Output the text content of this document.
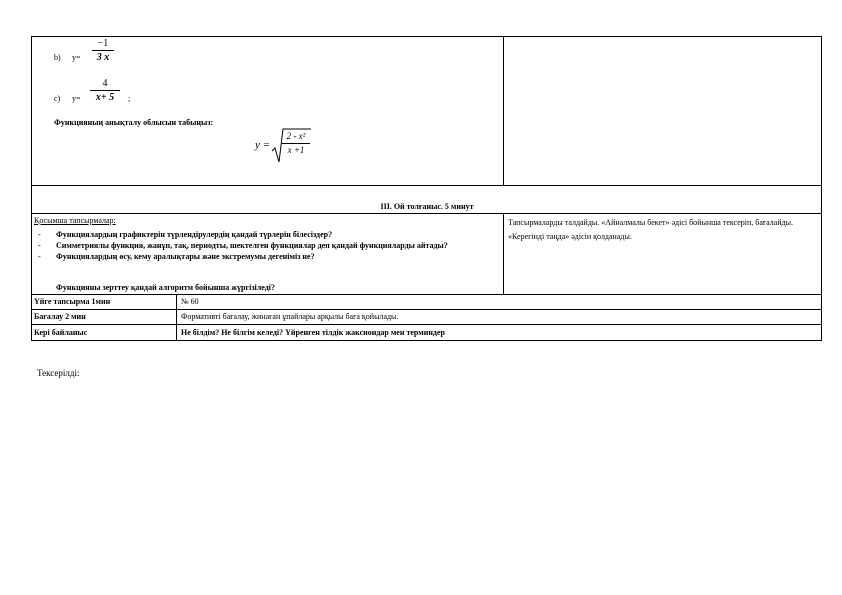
b) y=
−1
3 x
c) y=
4
x+ 5	;
Функцияның анықталу облысын табыңыз:
y =
2 - x²
x +1
III. Ой толғаныс. 5 минут
Қосымша тапсырмалар:
- Функциялардың графиктерін түрлендірулердің қандай түрлерін білесіздер?
- Симметриялы функция, жанұп, тақ, периодты, шектелген функциялар деп қандай функцияларды айтады?
- Функциялардың өсу, кему аралықтары және экстремумы дегеніміз не?
Функцияны зерттеу қандай алгоритм бойынша жүргізіледі?
Тапсырмаларды талдайды. «Айналмалы бекет» әдісі бойынша тексеріп, бағалайды. «Керегінді таңда» әдісін қолданады.
Үйге тапсырма 1мин	№ 60
Бағалау 2 мин	Формативті бағалау, жинаған ұпайлары арқылы баға қойылады.
Кері байланыс	Не білдім? Не білгім келеді? Үйренген тілдік жаксиондар мен терминдер
Тексерілді:
